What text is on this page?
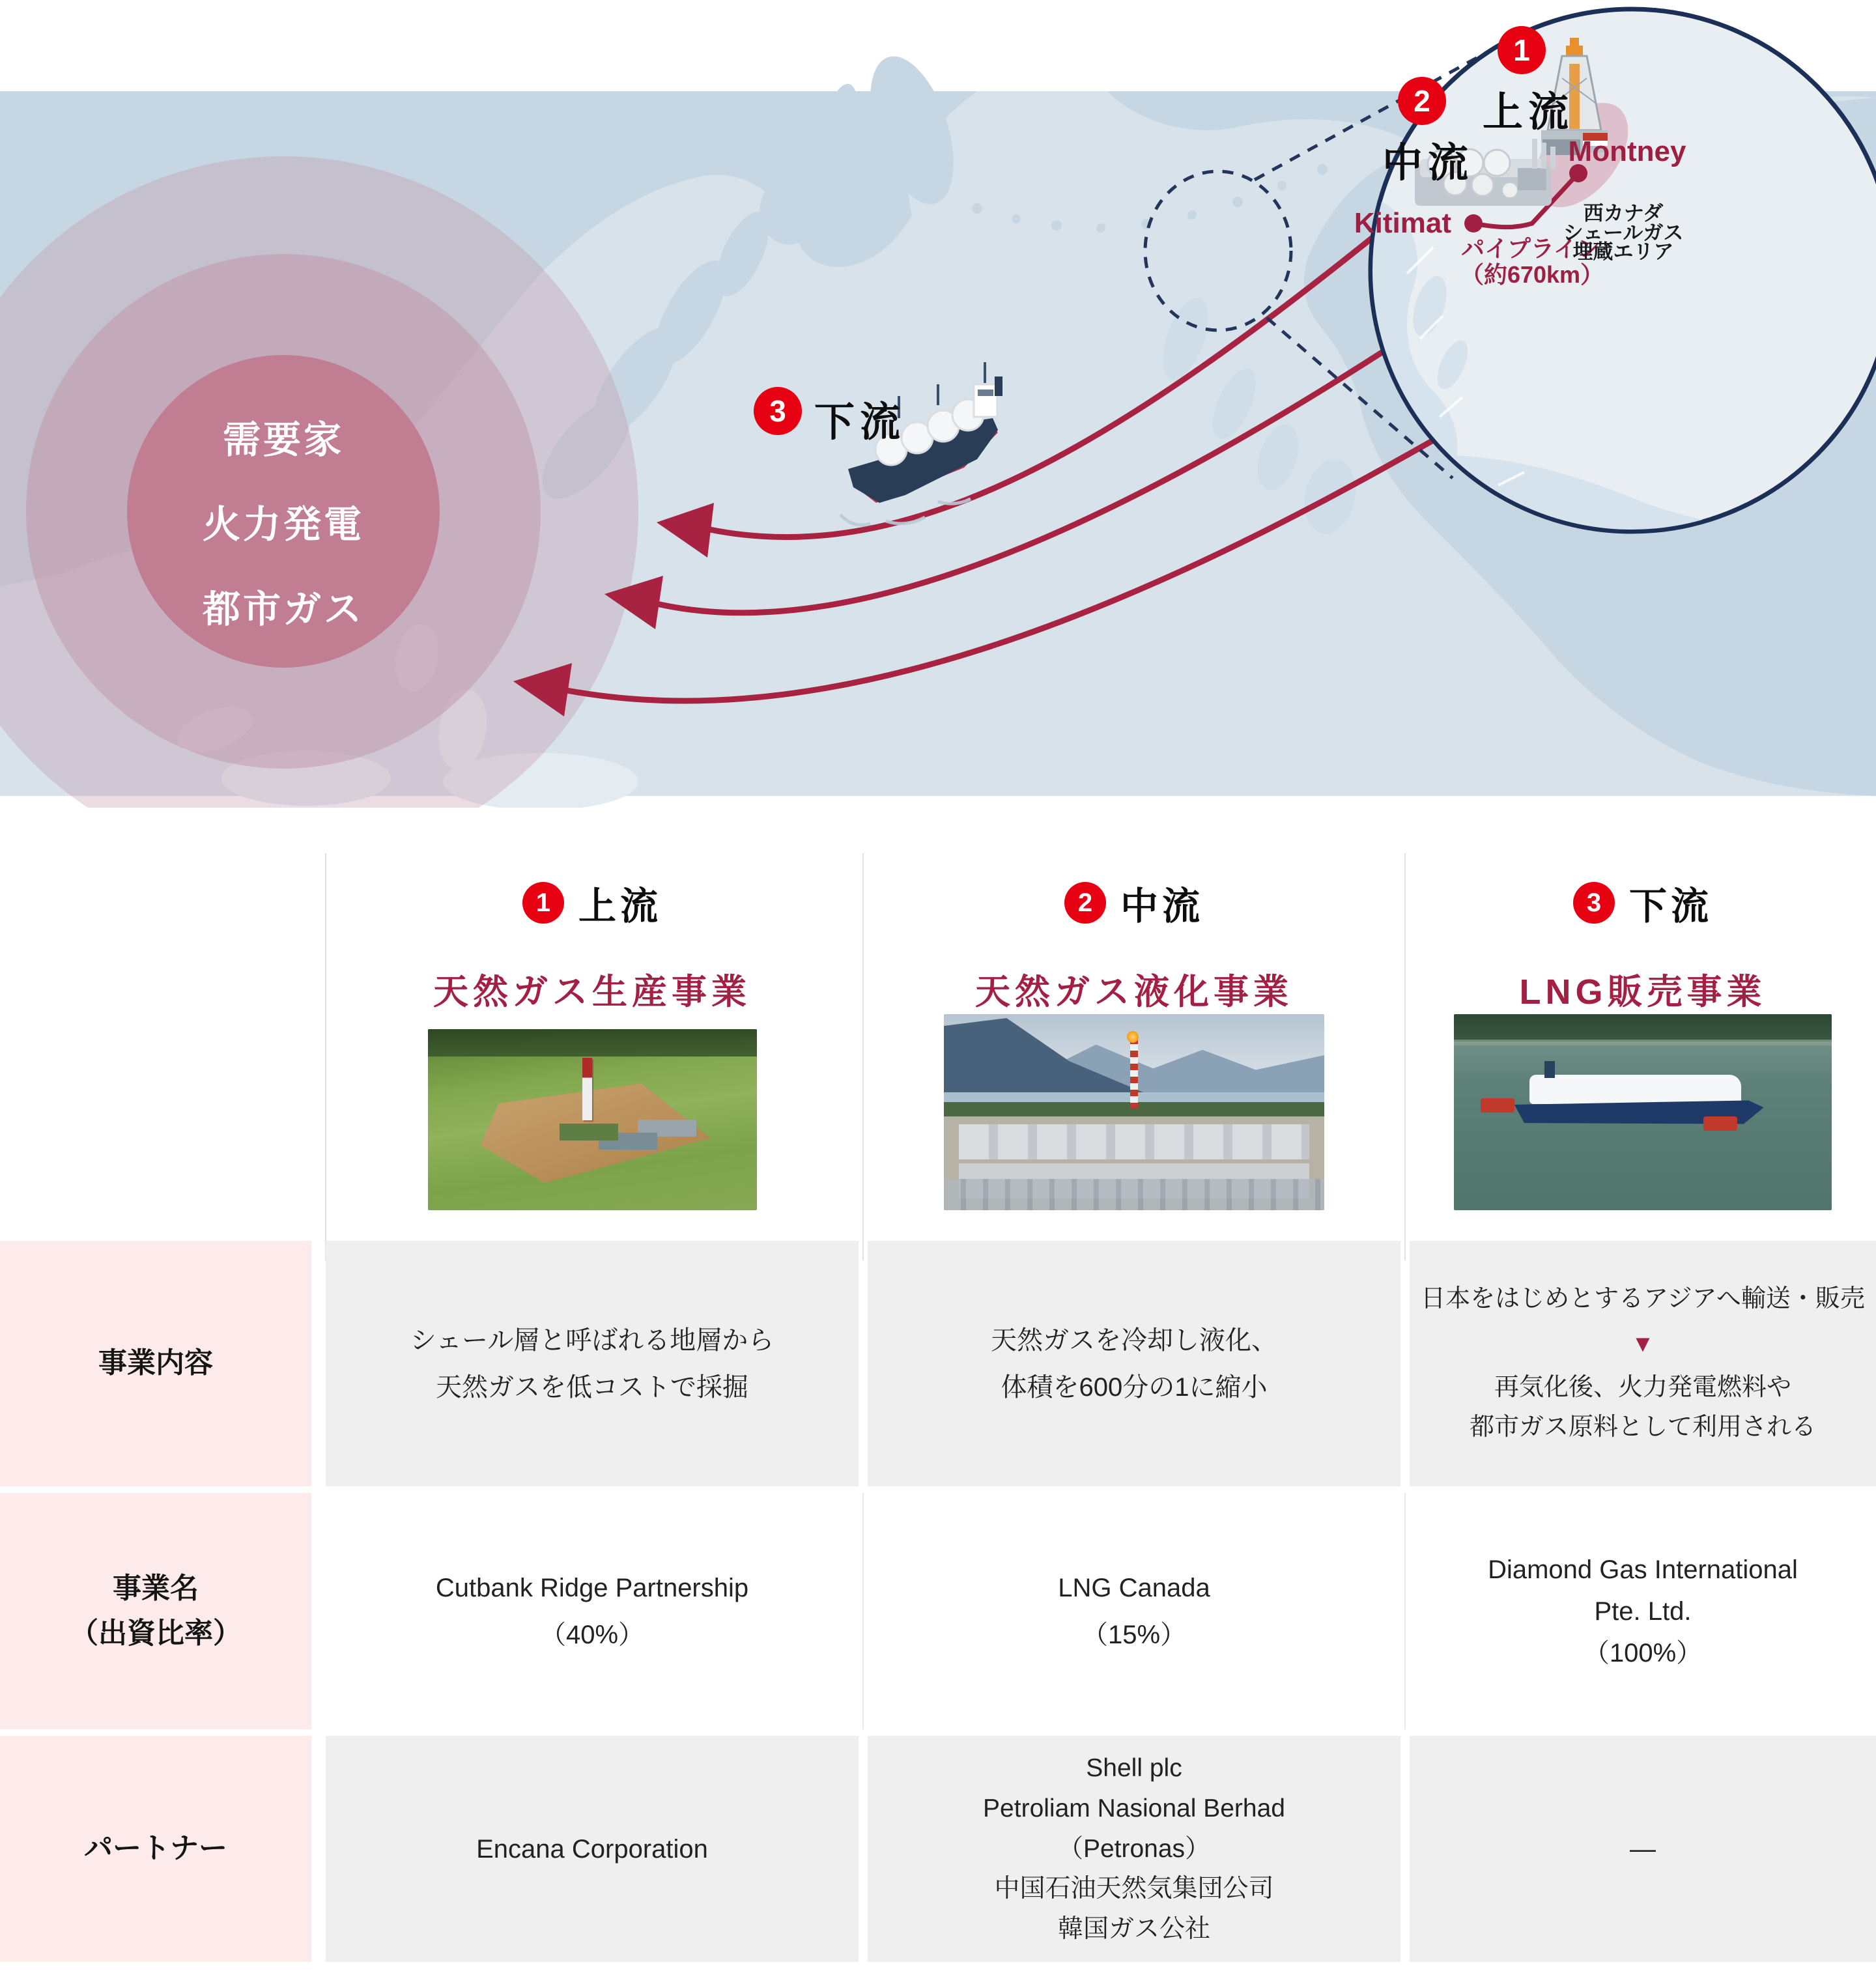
需要家
火力発電
都市ガス
3 下流
1
上流
2
中流	Montney
Kitimat
パイプライン
（約670km）
西カナダ
シェールガス
埋蔵エリア
1 上流
天然ガス生産事業
2 中流
天然ガス液化事業
3 下流
LNG販売事業
事業内容
シェール層と呼ばれる地層から
天然ガスを低コストで採掘
天然ガスを冷却し液化、
体積を600分の1に縮小
日本をはじめとするアジアへ輸送・販売
▼
再気化後、火力発電燃料や
都市ガス原料として利用される
事業名
（出資比率）
Cutbank Ridge Partnership
（40%）
LNG Canada
（15%）
Diamond Gas International
Pte. Ltd.
（100%）
パートナー	Encana Corporation
Shell plc
Petroliam Nasional Berhad
（Petronas）
中国石油天然気集団公司
韓国ガス公社
—
